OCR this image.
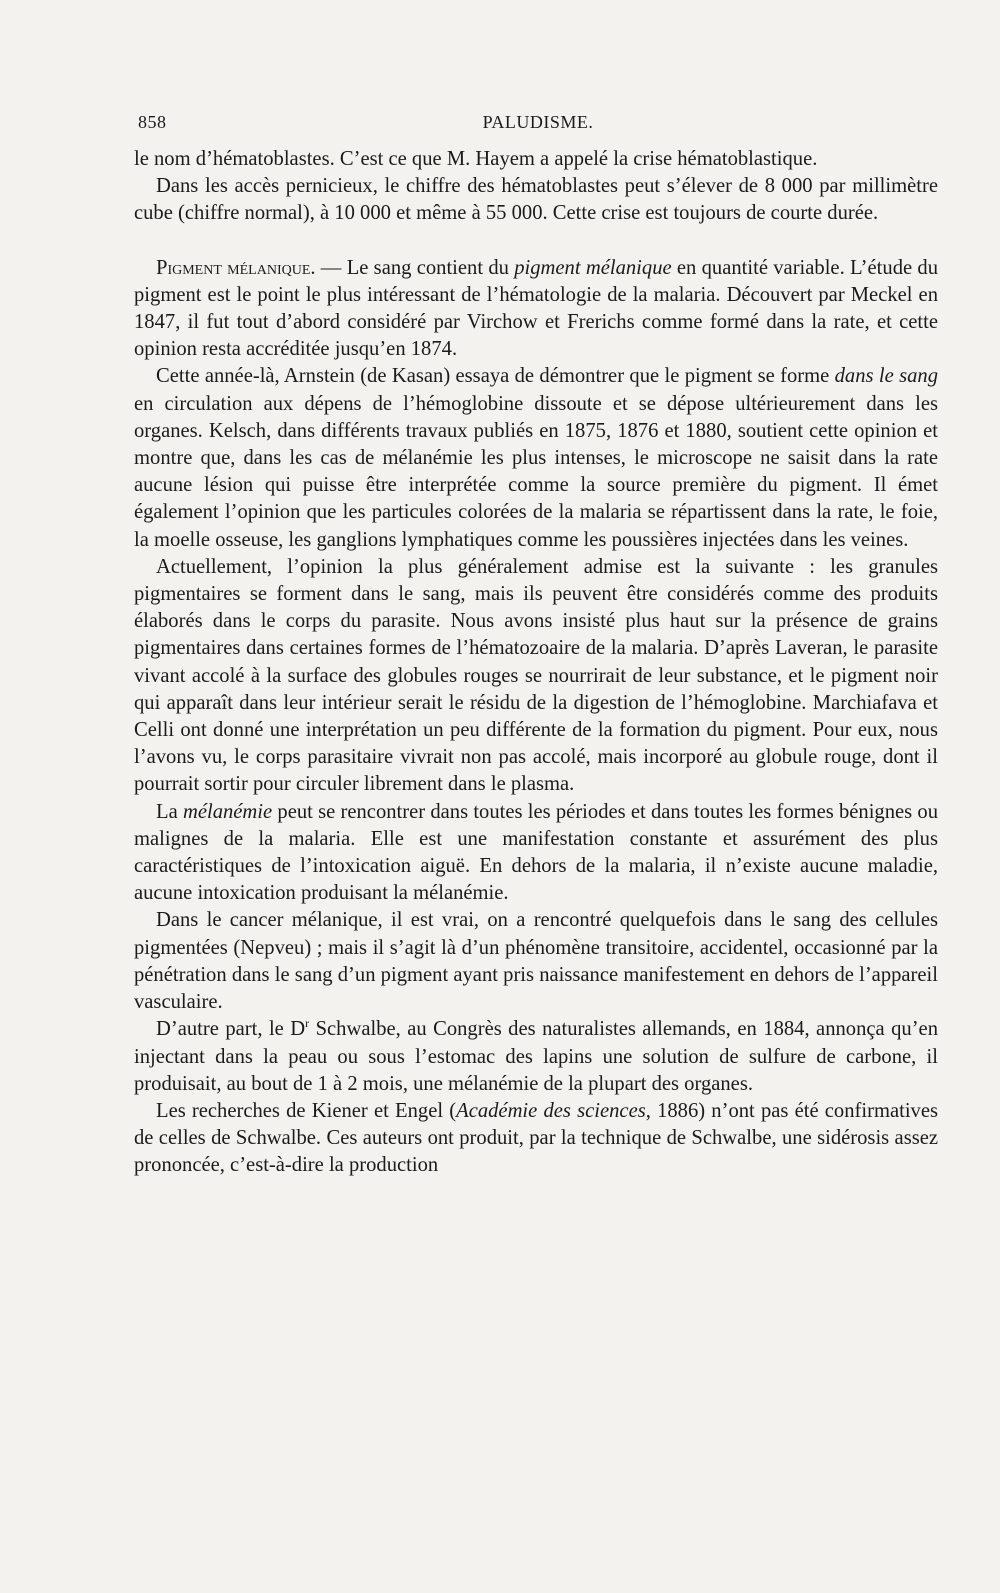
858	PALUDISME.

le nom d’hématoblastes. C’est ce que M. Hayem a appelé la crise hématoblastique.

Dans les accès pernicieux, le chiffre des hématoblastes peut s’élever de 8 000 par millimètre cube (chiffre normal), à 10 000 et même à 55 000. Cette crise est toujours de courte durée.

Pigment mélanique. — Le sang contient du pigment mélanique en quantité variable. L’étude du pigment est le point le plus intéressant de l’hématologie de la malaria. Découvert par Meckel en 1847, il fut tout d’abord considéré par Virchow et Frerichs comme formé dans la rate, et cette opinion resta accréditée jusqu’en 1874.

Cette année-là, Arnstein (de Kasan) essaya de démontrer que le pigment se forme dans le sang en circulation aux dépens de l’hémoglobine dissoute et se dépose ultérieurement dans les organes. Kelsch, dans différents travaux publiés en 1875, 1876 et 1880, soutient cette opinion et montre que, dans les cas de mélanémie les plus intenses, le microscope ne saisit dans la rate aucune lésion qui puisse être interprétée comme la source première du pigment. Il émet également l’opinion que les particules colorées de la malaria se répartissent dans la rate, le foie, la moelle osseuse, les ganglions lymphatiques comme les poussières injectées dans les veines.

Actuellement, l’opinion la plus généralement admise est la suivante : les granules pigmentaires se forment dans le sang, mais ils peuvent être considérés comme des produits élaborés dans le corps du parasite. Nous avons insisté plus haut sur la présence de grains pigmentaires dans certaines formes de l’hématozoaire de la malaria. D’après Laveran, le parasite vivant accolé à la surface des globules rouges se nourrirait de leur substance, et le pigment noir qui apparaît dans leur intérieur serait le résidu de la digestion de l’hémoglobine. Marchiafava et Celli ont donné une interprétation un peu différente de la formation du pigment. Pour eux, nous l’avons vu, le corps parasitaire vivrait non pas accolé, mais incorporé au globule rouge, dont il pourrait sortir pour circuler librement dans le plasma.

La mélanémie peut se rencontrer dans toutes les périodes et dans toutes les formes bénignes ou malignes de la malaria. Elle est une manifestation constante et assurément des plus caractéristiques de l’intoxication aiguë. En dehors de la malaria, il n’existe aucune maladie, aucune intoxication produisant la mélanémie.

Dans le cancer mélanique, il est vrai, on a rencontré quelquefois dans le sang des cellules pigmentées (Nepveu) ; mais il s’agit là d’un phénomène transitoire, accidentel, occasionné par la pénétration dans le sang d’un pigment ayant pris naissance manifestement en dehors de l’appareil vasculaire.

D’autre part, le $D^r$ Schwalbe, au Congrès des naturalistes allemands, en 1884, annonça qu’en injectant dans la peau ou sous l’estomac des lapins une solution de sulfure de carbone, il produisait, au bout de 1 à 2 mois, une mélanémie de la plupart des organes.

Les recherches de Kiener et Engel (Académie des sciences, 1886) n’ont pas été confirmatives de celles de Schwalbe. Ces auteurs ont produit, par la technique de Schwalbe, une sidérosis assez prononcée, c’est-à-dire la production
